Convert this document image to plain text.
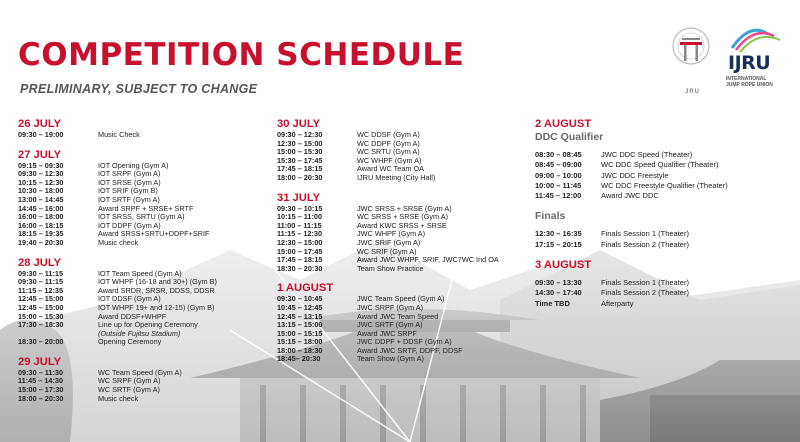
COMPETITION SCHEDULE
PRELIMINARY, SUBJECT TO CHANGE	JRU
IJRU
INTERNATIONAL
JUMP ROPE UNION
26 JULY
09:30 – 19:00	Music Check
27 JULY
09:15 – 09:30	IOT Opening (Gym A)
09:30 – 12:30	IOT SRPF (Gym A)
10:15 – 12:30	IOT SRSE (Gym A)
10:30 – 18:00	IOT SRIF (Gym B)
13:00 – 14:45	IOT SRTF (Gym A)
14:45 – 16:00	Award SRPF + SRSE+ SRTF
16:00 – 18:00	IOT SRSS, SRTU (Gym A)
16:00 – 18:15	IOT DDPF (Gym A)
18:15 – 19:35	Award SRSS+SRTU+DDPF+SRIF
19:40 – 20:30	Music check
28 JULY
09:30 – 11:15	IOT Team Speed (Gym A)
09:30 – 11:15	IOT WHPF (16-18 and 30+) (Gym B)
11:15 – 12:35	Award SRDR, SRSR, DDSS, DDSR
12:45 – 15:00	IOT DDSF (Gym A)
12:45 – 15:00	IOT WHPF 19+ and 12-15) (Gym B)
15:00 – 15:30	Award DDSF+WHPF
17:30 – 18:30	Line up for Opening Ceremony
(Outside Fujitsu Stadium)
18:30 – 20:00	Opening Ceremony
29 JULY
09:30 – 11:30	WC Team Speed (Gym A)
11:45 – 14:30	WC SRPF (Gym A)
15:00 – 17:30	WC SRTF (Gym A)
18:00 – 20:30	Music check
30 JULY
09:30 – 12:30	WC DDSF (Gym A)
12:30 – 15:00	WC DDPF (Gym A)
15:00 – 15:30	WC SRTU (Gym A)
15:30 – 17:45	WC WHPF (Gym A)
17:45 – 18:15	Award WC Team OA
18:00 – 20:30	IJRU Meeting (City Hall)
31 JULY
09:30 – 10:15	JWC SRSS + SRSE (Gym A)
10:15 – 11:00	WC SRSS + SRSE (Gym A)
11:00 – 11:15	Award KWC SRSS + SRSE
11:15 – 12:30	JWC WHPF (Gym A)
12:30 – 15:00	JWC SRIF (Gym A)
15:00 – 17:45	WC SRIF (Gym A)
17:45 – 18:15	Award JWC WHPF, SRIF, JWC7WC Ind OA
18:30 – 20:30	Team Show Practice
1 AUGUST
09:30 – 10:45	JWC Team Speed (Gym A)
10:45 – 12:45	JWC SRPF (Gym A)
12:45 – 13:15	Award JWC Team Speed
13:15 – 15:00	JWC SRTF (Gym A)
15:00 – 15:15	Award JWC SRPF
15:15 – 18:00	JWC DDPF + DDSF (Gym A)
18:00 – 18:30	Award JWC SRTF, DDPF, DDSF
18:45– 20:30	Team Show (Gym A)
2 AUGUST
DDC Qualifier
08:30 – 08:45	JWC DDC Speed (Theater)
08:45 – 09:00	WC DDC Speed Qualifier (Theater)
09:00 – 10:00	JWC DDC Freestyle
10:00 – 11:45	WC DDC Freestyle Qualifier (Theater)
11:45 – 12:00	Award JWC DDC
Finals
12:30 – 16:35	Finals Session 1 (Theater)
17:15 – 20:15	Finals Session 2 (Theater)
3 AUGUST
09:30 – 13:30	Finals Session 1 (Theater)
14:30 – 17:40	Finals Session 2 (Theater)
Time TBD	Afterparty
